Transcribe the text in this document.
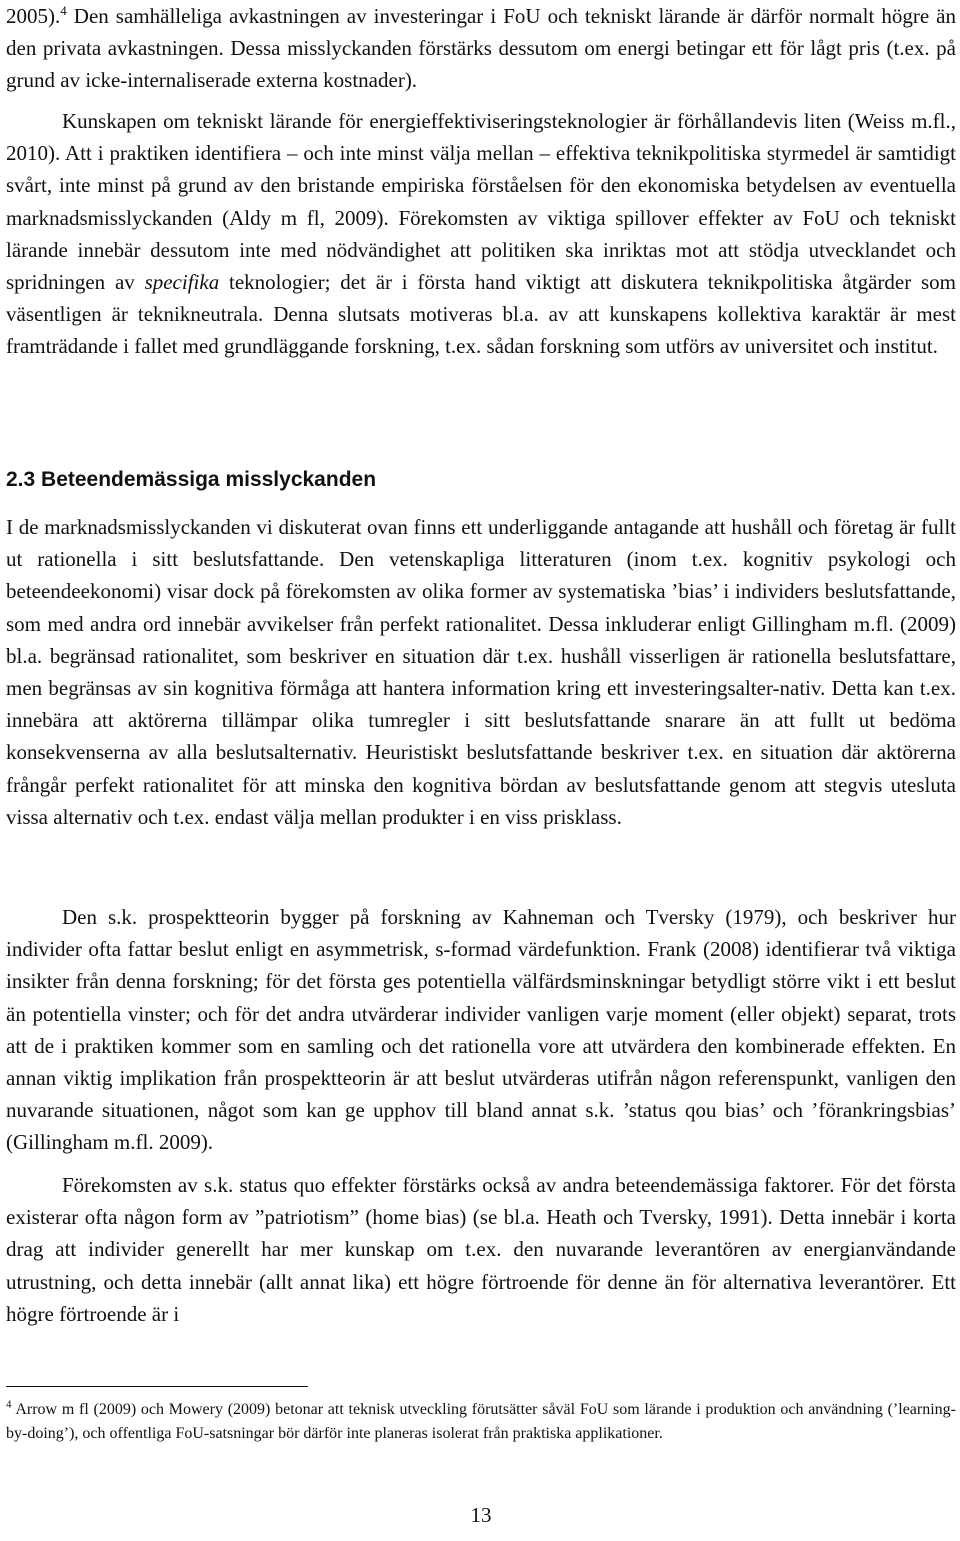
2005).$^4$ Den samhälleliga avkastningen av investeringar i FoU och tekniskt lärande är därför normalt högre än den privata avkastningen. Dessa misslyckanden förstärks dessutom om energi betingar ett för lågt pris (t.ex. på grund av icke-internaliserade externa kostnader).

Kunskapen om tekniskt lärande för energieffektiviseringsteknologier är förhållandevis liten (Weiss m.fl., 2010). Att i praktiken identifiera – och inte minst välja mellan – effektiva teknikpolitiska styrmedel är samtidigt svårt, inte minst på grund av den bristande empiriska förståelsen för den ekonomiska betydelsen av eventuella marknadsmisslyckanden (Aldy m fl, 2009). Förekomsten av viktiga spillover effekter av FoU och tekniskt lärande innebär dessutom inte med nödvändighet att politiken ska inriktas mot att stödja utvecklandet och spridningen av specifika teknologier; det är i första hand viktigt att diskutera teknikpolitiska åtgärder som väsentligen är teknikneutrala. Denna slutsats motiveras bl.a. av att kunskapens kollektiva karaktär är mest framträdande i fallet med grundläggande forskning, t.ex. sådan forskning som utförs av universitet och institut.

2.3 Beteendemässiga misslyckanden

I de marknadsmisslyckanden vi diskuterat ovan finns ett underliggande antagande att hushåll och företag är fullt ut rationella i sitt beslutsfattande. Den vetenskapliga litteraturen (inom t.ex. kognitiv psykologi och beteendeekonomi) visar dock på förekomsten av olika former av systematiska ’bias’ i individers beslutsfattande, som med andra ord innebär avvikelser från perfekt rationalitet. Dessa inkluderar enligt Gillingham m.fl. (2009) bl.a. begränsad rationalitet, som beskriver en situation där t.ex. hushåll visserligen är rationella beslutsfattare, men begränsas av sin kognitiva förmåga att hantera information kring ett investeringsalter-nativ. Detta kan t.ex. innebära att aktörerna tillämpar olika tumregler i sitt beslutsfattande snarare än att fullt ut bedöma konsekvenserna av alla beslutsalternativ. Heuristiskt beslutsfattande beskriver t.ex. en situation där aktörerna frångår perfekt rationalitet för att minska den kognitiva bördan av beslutsfattande genom att stegvis utesluta vissa alternativ och t.ex. endast välja mellan produkter i en viss prisklass.

Den s.k. prospektteorin bygger på forskning av Kahneman och Tversky (1979), och beskriver hur individer ofta fattar beslut enligt en asymmetrisk, s-formad värdefunktion. Frank (2008) identifierar två viktiga insikter från denna forskning; för det första ges potentiella välfärdsminskningar betydligt större vikt i ett beslut än potentiella vinster; och för det andra utvärderar individer vanligen varje moment (eller objekt) separat, trots att de i praktiken kommer som en samling och det rationella vore att utvärdera den kombinerade effekten. En annan viktig implikation från prospektteorin är att beslut utvärderas utifrån någon referenspunkt, vanligen den nuvarande situationen, något som kan ge upphov till bland annat s.k. ’status qou bias’ och ’förankringsbias’ (Gillingham m.fl. 2009).

Förekomsten av s.k. status quo effekter förstärks också av andra beteendemässiga faktorer. För det första existerar ofta någon form av ”patriotism” (home bias) (se bl.a. Heath och Tversky, 1991). Detta innebär i korta drag att individer generellt har mer kunskap om t.ex. den nuvarande leverantören av energianvändande utrustning, och detta innebär (allt annat lika) ett högre förtroende för denne än för alternativa leverantörer. Ett högre förtroende är i

$^4$ Arrow m fl (2009) och Mowery (2009) betonar att teknisk utveckling förutsätter såväl FoU som lärande i produktion och användning (’learning-by-doing’), och offentliga FoU-satsningar bör därför inte planeras isolerat från praktiska applikationer.

13
